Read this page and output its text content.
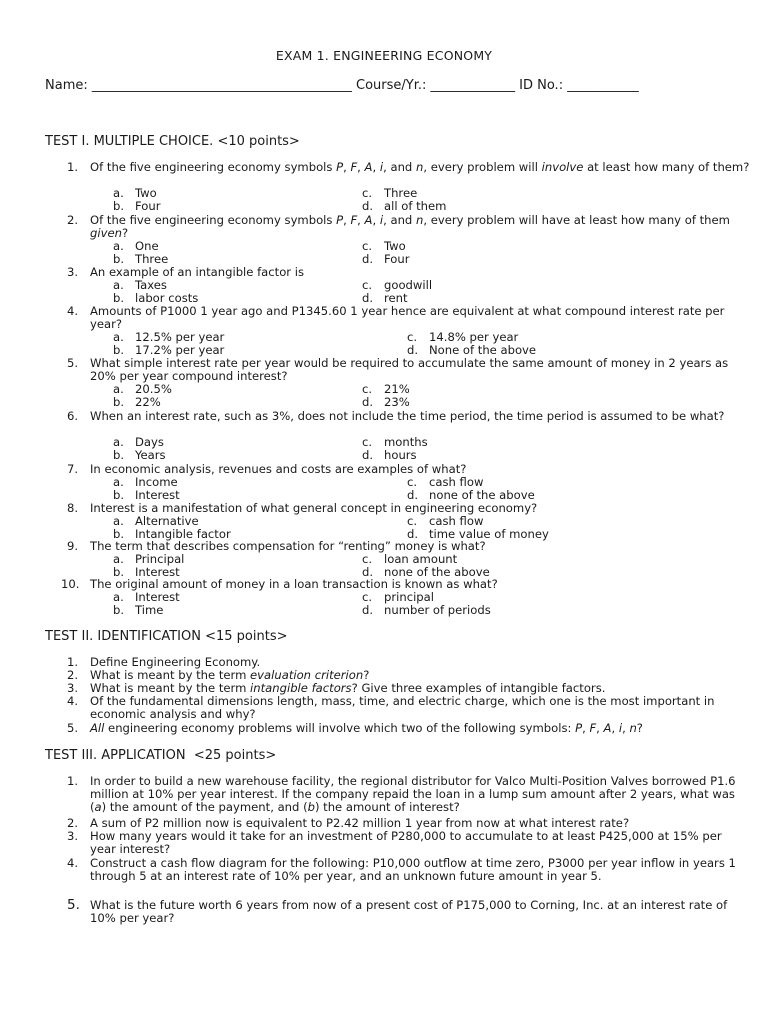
EXAM 1. ENGINEERING ECONOMY
Name: ________________________________________ Course/Yr.: _____________ ID No.: ___________
TEST I. MULTIPLE CHOICE. <10 points>
1. Of the five engineering economy symbols P, F, A, i, and n, every problem will involve at least how many of them?
a. Two	c. Three
b. Four	d. all of them
2. Of the five engineering economy symbols P, F, A, i, and n, every problem will have at least how many of them given?
a. One	c. Two
b. Three	d. Four
3. An example of an intangible factor is
a. Taxes	c. goodwill
b. labor costs	d. rent
4. Amounts of P1000 1 year ago and P1345.60 1 year hence are equivalent at what compound interest rate per year?
a. 12.5% per year	c. 14.8% per year
b. 17.2% per year	d. None of the above
5. What simple interest rate per year would be required to accumulate the same amount of money in 2 years as 20% per year compound interest?
a. 20.5%	c. 21%
b. 22%	d. 23%
6. When an interest rate, such as 3%, does not include the time period, the time period is assumed to be what?
a. Days	c. months
b. Years	d. hours
7. In economic analysis, revenues and costs are examples of what?
a. Income	c. cash flow
b. Interest	d. none of the above
8. Interest is a manifestation of what general concept in engineering economy?
a. Alternative	c. cash flow
b. Intangible factor	d. time value of money
9. The term that describes compensation for “renting” money is what?
a. Principal	c. loan amount
b. Interest	d. none of the above
10. The original amount of money in a loan transaction is known as what?
a. Interest	c. principal
b. Time	d. number of periods
TEST II. IDENTIFICATION <15 points>
1. Define Engineering Economy.
2. What is meant by the term evaluation criterion?
3. What is meant by the term intangible factors? Give three examples of intangible factors.
4. Of the fundamental dimensions length, mass, time, and electric charge, which one is the most important in economic analysis and why?
5. All engineering economy problems will involve which two of the following symbols: P, F, A, i, n?
TEST III. APPLICATION  <25 points>
1. In order to build a new warehouse facility, the regional distributor for Valco Multi-Position Valves borrowed P1.6 million at 10% per year interest. If the company repaid the loan in a lump sum amount after 2 years, what was (a) the amount of the payment, and (b) the amount of interest?
2. A sum of P2 million now is equivalent to P2.42 million 1 year from now at what interest rate?
3. How many years would it take for an investment of P280,000 to accumulate to at least P425,000 at 15% per year interest?
4. Construct a cash flow diagram for the following: P10,000 outflow at time zero, P3000 per year inflow in years 1 through 5 at an interest rate of 10% per year, and an unknown future amount in year 5.
5. What is the future worth 6 years from now of a present cost of P175,000 to Corning, Inc. at an interest rate of 10% per year?
